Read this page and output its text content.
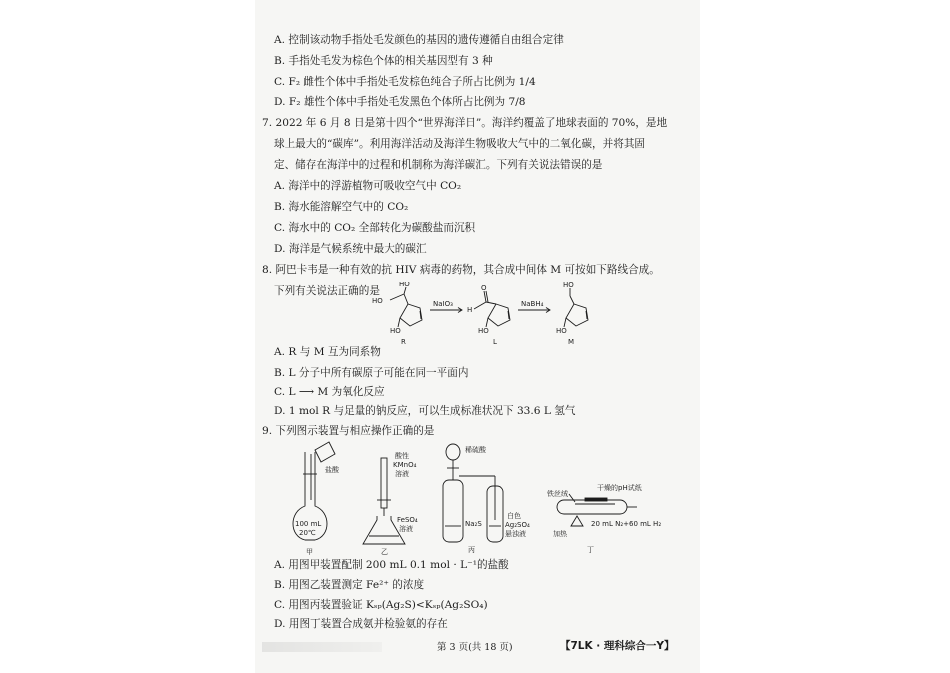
A. 控制该动物手指处毛发颜色的基因的遗传遵循自由组合定律
B. 手指处毛发为棕色个体的相关基因型有 3 种
C. F₂ 雌性个体中手指处毛发棕色纯合子所占比例为 1/4
D. F₂ 雄性个体中手指处毛发黑色个体所占比例为 7/8
7. 2022 年 6 月 8 日是第十四个“世界海洋日”。海洋约覆盖了地球表面的 70%，是地
球上最大的“碳库”。利用海洋活动及海洋生物吸收大气中的二氧化碳，并将其固
定、储存在海洋中的过程和机制称为海洋碳汇。下列有关说法错误的是
A. 海洋中的浮游植物可吸收空气中 CO₂
B. 海水能溶解空气中的 CO₂
C. 海水中的 CO₂ 全部转化为碳酸盐而沉积
D. 海洋是气候系统中最大的碳汇
8. 阿巴卡韦是一种有效的抗 HIV 病毒的药物，其合成中间体 M 可按如下路线合成。
下列有关说法正确的是
HO
HO
HO
R
NaIO₃
O
H
HO
L
NaBH₄
HO
HO
M
A. R 与 M 互为同系物
B. L 分子中所有碳原子可能在同一平面内
C. L ⟶ M 为氧化反应
D. 1 mol R 与足量的钠反应，可以生成标准状况下 33.6 L 氢气
9. 下列图示装置与相应操作正确的是
盐酸
100 mL
20℃
甲
酸性
KMnO₄
溶液
FeSO₄
溶液
乙
稀硫酸
Na₂S
白色
Ag₂SO₄
悬浊液
丙
干燥的pH试纸
铁丝绒
20 mL N₂+60 mL H₂
加热
丁
A. 用图甲装置配制 200 mL 0.1 mol · L⁻¹的盐酸
B. 用图乙装置测定 Fe²⁺ 的浓度
C. 用图丙装置验证 Kₛₚ(Ag₂S)<Kₛₚ(Ag₂SO₄)
D. 用图丁装置合成氨并检验氨的存在
第 3 页(共 18 页)	【7LK · 理科综合一Y】
